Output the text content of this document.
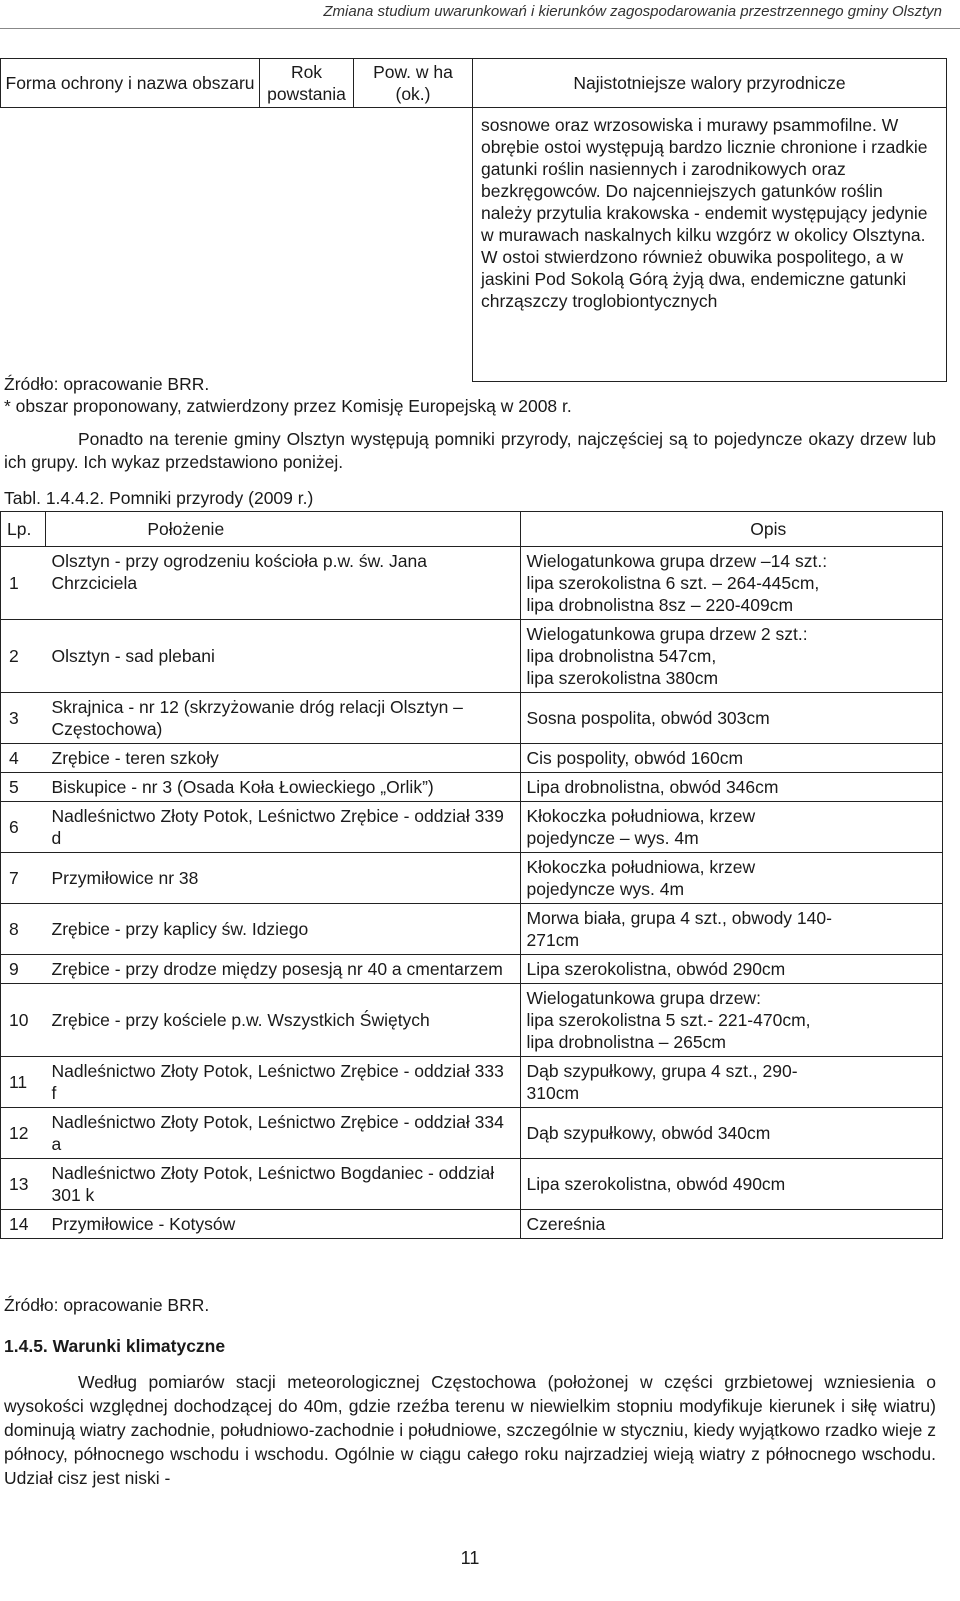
Zmiana studium uwarunkowań i kierunków zagospodarowania przestrzennego gminy Olsztyn
Forma ochrony i nazwa obszaru	Rok powstania	Pow. w ha (ok.)	Najistotniejsze walory przyrodnicze
			sosnowe oraz wrzosowiska i murawy psammofilne. W obrębie ostoi występują bardzo licznie chronione i rzadkie gatunki roślin nasiennych i zarodnikowych oraz bezkręgowców. Do najcenniejszych gatunków roślin należy przytulia krakowska - endemit występujący jedynie w murawach naskalnych kilku wzgórz w okolicy Olsztyna. W ostoi stwierdzono również obuwika pospolitego, a w jaskini Pod Sokolą Górą żyją dwa, endemiczne gatunki chrząszczy troglobiontycznych
Źródło: opracowanie BRR.
* obszar proponowany, zatwierdzony przez Komisję Europejską w 2008 r.
Ponadto na terenie gminy Olsztyn występują pomniki przyrody, najczęściej są to pojedyncze okazy drzew lub ich grupy. Ich wykaz przedstawiono poniżej.
Tabl. 1.4.4.2. Pomniki przyrody (2009 r.)
Lp.	Położenie	Opis
1	Olsztyn - przy ogrodzeniu kościoła p.w. św. Jana Chrzciciela	Wielogatunkowa grupa drzew –14 szt.:
lipa szerokolistna 6 szt. – 264-445cm,
lipa drobnolistna 8sz – 220-409cm

2	Olsztyn - sad plebani	Wielogatunkowa grupa drzew 2 szt.:
lipa drobnolistna 547cm,
lipa szerokolistna 380cm

3	Skrajnica - nr 12 (skrzyżowanie dróg relacji Olsztyn – Częstochowa)	Sosna pospolita, obwód 303cm

4	Zrębice - teren szkoły	Cis pospolity, obwód 160cm

5	Biskupice - nr 3 (Osada Koła Łowieckiego „Orlik”)	Lipa drobnolistna, obwód 346cm

6	Nadleśnictwo Złoty Potok, Leśnictwo Zrębice - oddział 339 d	Kłokoczka południowa, krzew
pojedyncze – wys. 4m

7	Przymiłowice nr 38	Kłokoczka południowa, krzew
pojedyncze wys. 4m

8	Zrębice - przy kaplicy św. Idziego	Morwa biała, grupa 4 szt., obwody 140-
271cm

9	Zrębice - przy drodze między posesją nr 40 a cmentarzem	Lipa szerokolistna, obwód 290cm

10	Zrębice - przy kościele p.w. Wszystkich Świętych	Wielogatunkowa grupa drzew:
lipa szerokolistna 5 szt.- 221-470cm,
lipa drobnolistna – 265cm

11	Nadleśnictwo Złoty Potok, Leśnictwo Zrębice - oddział 333 f	Dąb szypułkowy, grupa 4 szt., 290-
310cm

12	Nadleśnictwo Złoty Potok, Leśnictwo Zrębice - oddział 334 a	Dąb szypułkowy, obwód 340cm

13	Nadleśnictwo Złoty Potok, Leśnictwo Bogdaniec - oddział 301 k	Lipa szerokolistna, obwód 490cm

14	Przymiłowice - Kotysów	Czereśnia
Źródło: opracowanie BRR.
1.4.5. Warunki klimatyczne
Według pomiarów stacji meteorologicznej Częstochowa (położonej w części grzbietowej wzniesienia o wysokości względnej dochodzącej do 40m, gdzie rzeźba terenu w niewielkim stopniu modyfikuje kierunek i siłę wiatru) dominują wiatry zachodnie, południowo-zachodnie i południowe, szczególnie w styczniu, kiedy wyjątkowo rzadko wieje z północy, północnego wschodu i wschodu. Ogólnie w ciągu całego roku najrzadziej wieją wiatry z północnego wschodu. Udział cisz jest niski -
11
